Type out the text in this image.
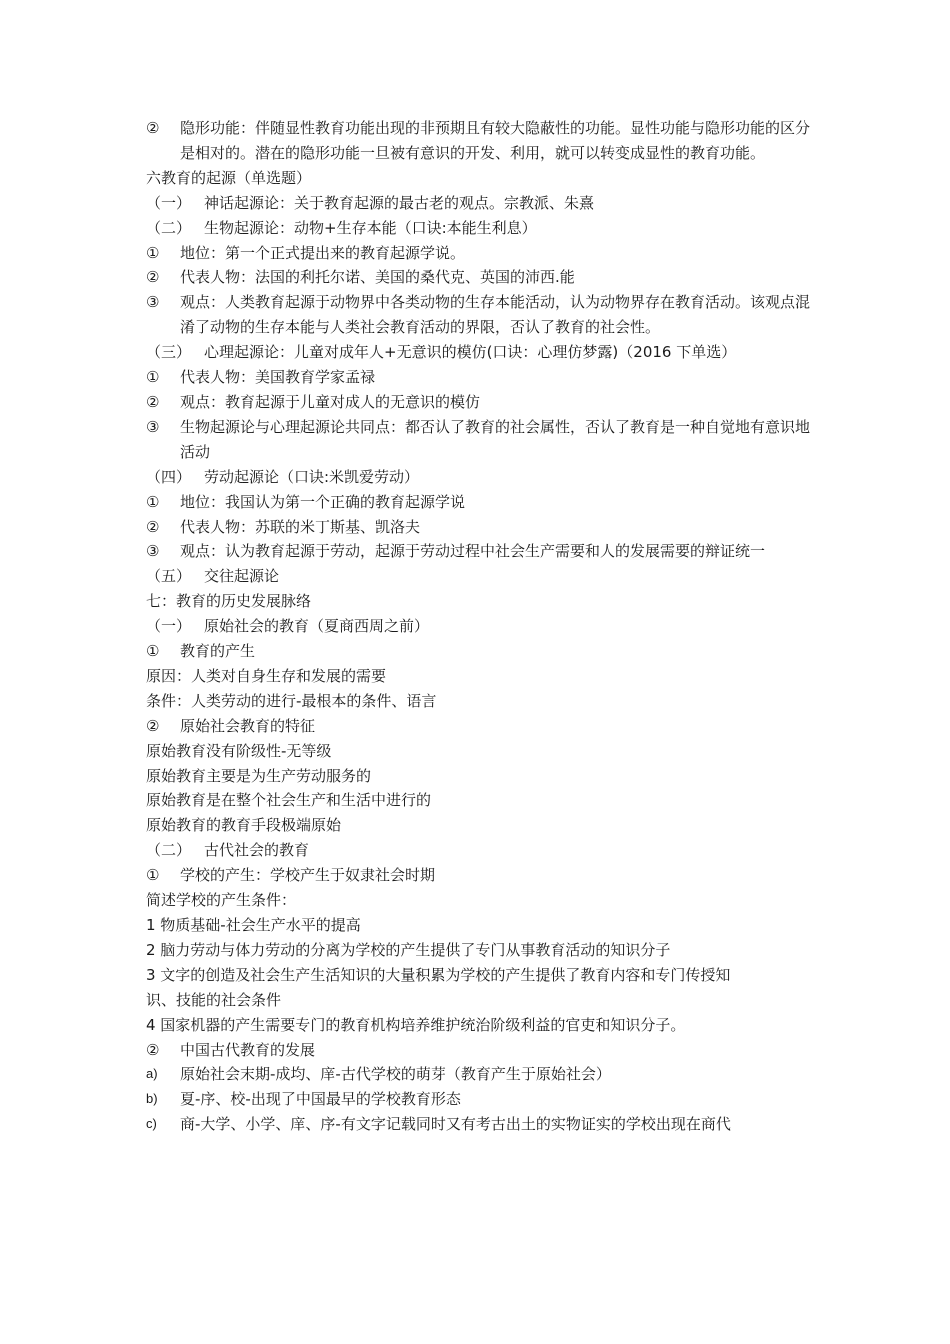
②	隐形功能：伴随显性教育功能出现的非预期且有较大隐蔽性的功能。显性功能与隐形功能的区分是相对的。潜在的隐形功能一旦被有意识的开发、利用，就可以转变成显性的教育功能。
六教育的起源（单选题）
（一） 神话起源论：关于教育起源的最古老的观点。宗教派、朱熹
（二） 生物起源论：动物+生存本能（口诀:本能生利息）
①	地位：第一个正式提出来的教育起源学说。
②	代表人物：法国的利托尔诺、美国的桑代克、英国的沛西.能
③	观点：人类教育起源于动物界中各类动物的生存本能活动，认为动物界存在教育活动。该观点混淆了动物的生存本能与人类社会教育活动的界限，否认了教育的社会性。
（三） 心理起源论：儿童对成年人+无意识的模仿(口诀：心理仿梦露)（2016 下单选）
①	代表人物：美国教育学家孟禄
②	观点：教育起源于儿童对成人的无意识的模仿
③	生物起源论与心理起源论共同点：都否认了教育的社会属性，否认了教育是一种自觉地有意识地活动
（四） 劳动起源论（口诀:米凯爱劳动）
①	地位：我国认为第一个正确的教育起源学说
②	代表人物：苏联的米丁斯基、凯洛夫
③	观点：认为教育起源于劳动，起源于劳动过程中社会生产需要和人的发展需要的辩证统一
（五） 交往起源论
七：教育的历史发展脉络
（一） 原始社会的教育（夏商西周之前）
①	教育的产生
原因：人类对自身生存和发展的需要
条件：人类劳动的进行-最根本的条件、语言
②	原始社会教育的特征
原始教育没有阶级性-无等级
原始教育主要是为生产劳动服务的
原始教育是在整个社会生产和生活中进行的
原始教育的教育手段极端原始
（二） 古代社会的教育
①	学校的产生：学校产生于奴隶社会时期
简述学校的产生条件：
1 物质基础-社会生产水平的提高
2 脑力劳动与体力劳动的分离为学校的产生提供了专门从事教育活动的知识分子
3 文字的创造及社会生产生活知识的大量积累为学校的产生提供了教育内容和专门传授知
识、技能的社会条件
4 国家机器的产生需要专门的教育机构培养维护统治阶级利益的官吏和知识分子。
②	中国古代教育的发展
a)	原始社会末期-成均、庠-古代学校的萌芽（教育产生于原始社会）
b)	夏-序、校-出现了中国最早的学校教育形态
c)	商-大学、小学、庠、序-有文字记载同时又有考古出土的实物证实的学校出现在商代
